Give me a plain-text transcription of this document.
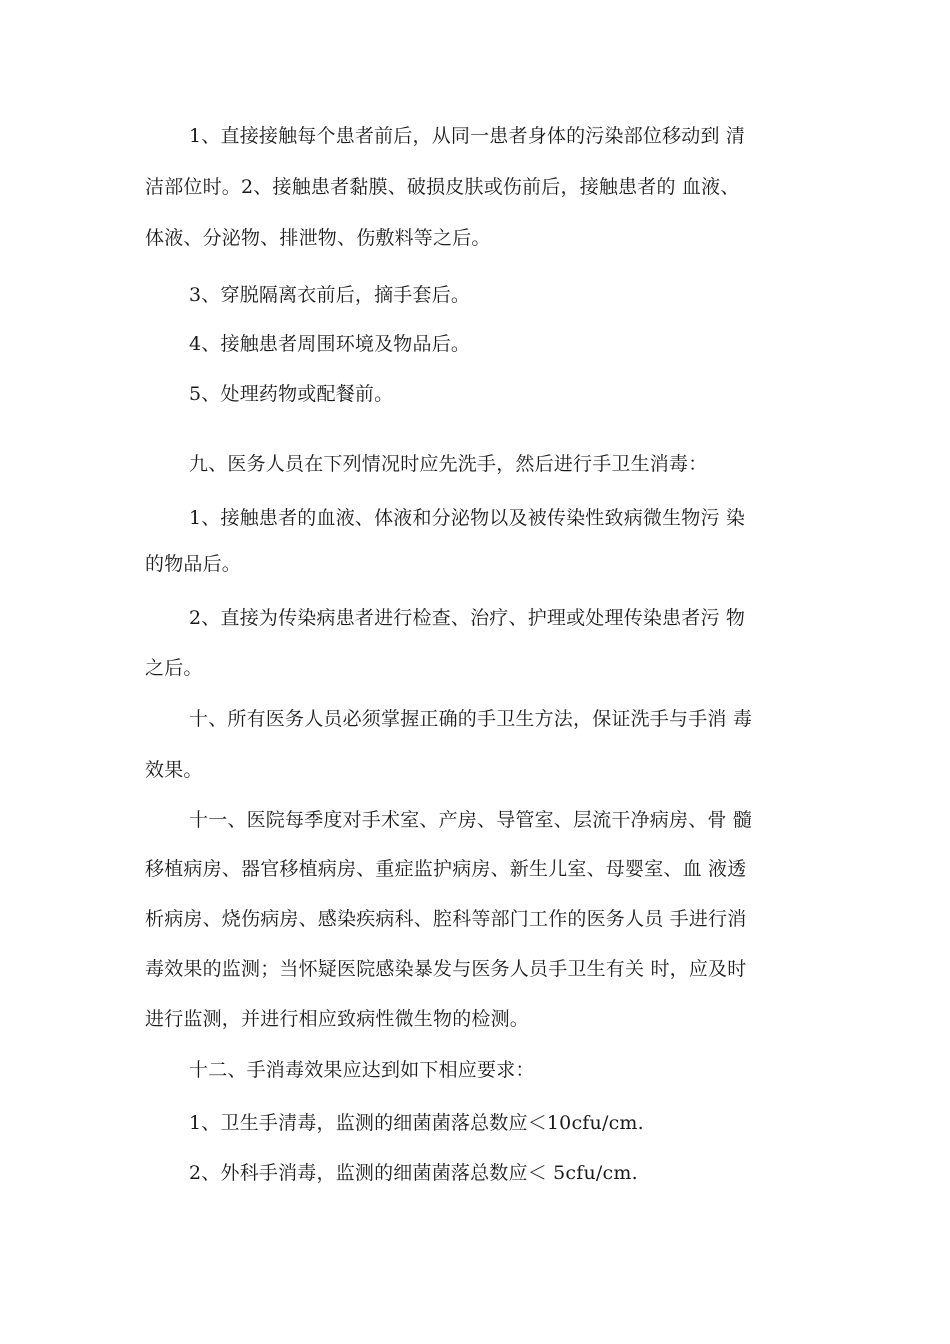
1、直接接触每个患者前后，从同一患者身体的污染部位移动到 清
洁部位时。2、接触患者黏膜、破损皮肤或伤前后，接触患者的 血液、
体液、分泌物、排泄物、伤敷料等之后。
3、穿脱隔离衣前后，摘手套后。
4、接触患者周围环境及物品后。
5、处理药物或配餐前。
九、医务人员在下列情况时应先洗手，然后进行手卫生消毒：
1、接触患者的血液、体液和分泌物以及被传染性致病微生物污 染
的物品后。
2、直接为传染病患者进行检查、治疗、护理或处理传染患者污 物
之后。
十、所有医务人员必须掌握正确的手卫生方法，保证洗手与手消 毒
效果。
十一、医院每季度对手术室、产房、导管室、层流干净病房、骨 髓
移植病房、器官移植病房、重症监护病房、新生儿室、母婴室、血 液透
析病房、烧伤病房、感染疾病科、腔科等部门工作的医务人员 手进行消
毒效果的监测；当怀疑医院感染暴发与医务人员手卫生有关 时，应及时
进行监测，并进行相应致病性微生物的检测。
十二、手消毒效果应达到如下相应要求：
1、卫生手清毒，监测的细菌菌落总数应＜10cfu/cm.
2、外科手消毒，监测的细菌菌落总数应＜ 5cfu/cm.
